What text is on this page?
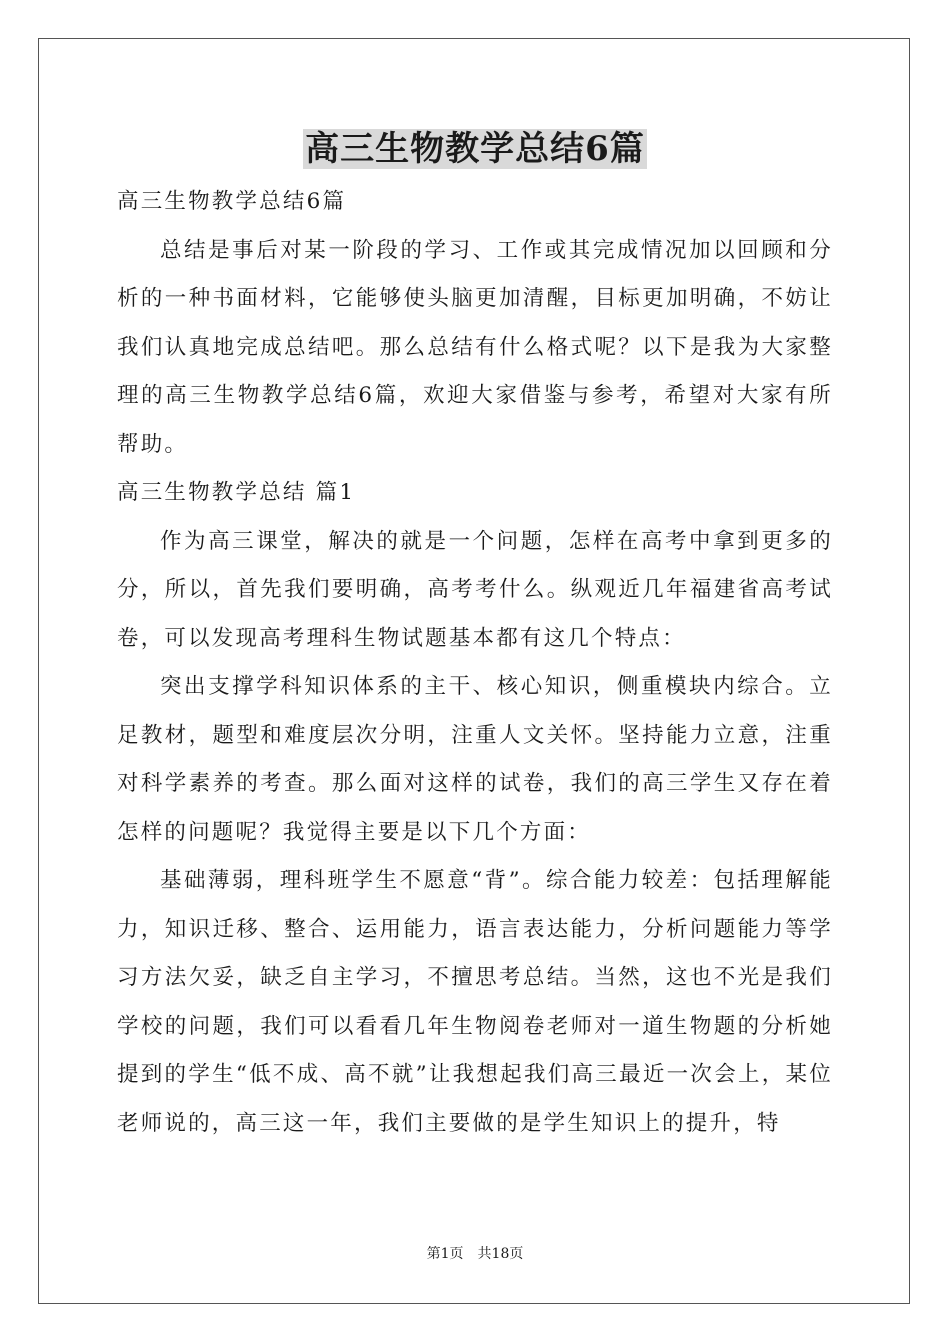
高三生物教学总结6篇

高三生物教学总结6篇

总结是事后对某一阶段的学习、工作或其完成情况加以回顾和分析的一种书面材料，它能够使头脑更加清醒，目标更加明确，不妨让我们认真地完成总结吧。那么总结有什么格式呢？以下是我为大家整理的高三生物教学总结6篇，欢迎大家借鉴与参考，希望对大家有所帮助。

高三生物教学总结 篇1

作为高三课堂，解决的就是一个问题，怎样在高考中拿到更多的分，所以，首先我们要明确，高考考什么。纵观近几年福建省高考试卷，可以发现高考理科生物试题基本都有这几个特点：

突出支撑学科知识体系的主干、核心知识，侧重模块内综合。立足教材，题型和难度层次分明，注重人文关怀。坚持能力立意，注重对科学素养的考查。那么面对这样的试卷，我们的高三学生又存在着怎样的问题呢？我觉得主要是以下几个方面：

基础薄弱，理科班学生不愿意“背”。综合能力较差：包括理解能力，知识迁移、整合、运用能力，语言表达能力，分析问题能力等学习方法欠妥，缺乏自主学习，不擅思考总结。当然，这也不光是我们学校的问题，我们可以看看几年生物阅卷老师对一道生物题的分析她提到的学生“低不成、高不就”让我想起我们高三最近一次会上，某位老师说的，高三这一年，我们主要做的是学生知识上的提升，特

第1页 共18页
